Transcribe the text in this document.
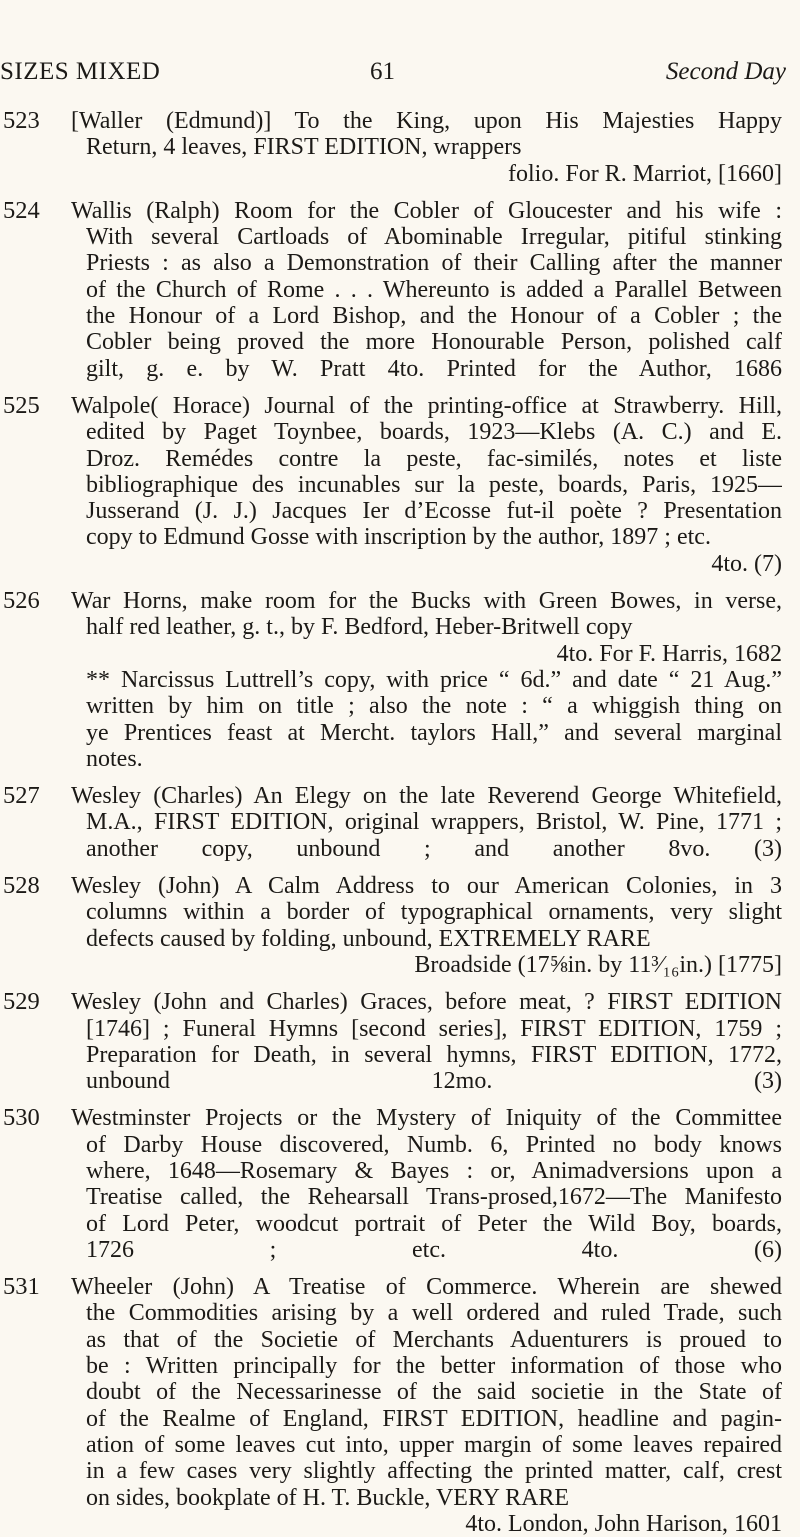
SIZES MIXED	61	Second Day
523 [Waller (Edmund)] To the King, upon His Majesties Happy
Return, 4 leaves, FIRST EDITION, wrappers
folio. For R. Marriot, [1660]
524 Wallis (Ralph) Room for the Cobler of Gloucester and his wife :
With several Cartloads of Abominable Irregular, pitiful stinking
Priests : as also a Demonstration of their Calling after the manner
of the Church of Rome . . . Whereunto is added a Parallel Between
the Honour of a Lord Bishop, and the Honour of a Cobler ; the
Cobler being proved the more Honourable Person, polished calf
gilt, g. e. by W. Pratt 4to. Printed for the Author, 1686
525 Walpole( Horace) Journal of the printing-office at Strawberry. Hill,
edited by Paget Toynbee, boards, 1923—Klebs (A. C.) and E.
Droz. Remédes contre la peste, fac-similés, notes et liste
bibliographique des incunables sur la peste, boards, Paris, 1925—
Jusserand (J. J.) Jacques Ier d’Ecosse fut-il poète ? Presentation
copy to Edmund Gosse with inscription by the author, 1897 ; etc.
4to. (7)
526 War Horns, make room for the Bucks with Green Bowes, in verse,
half red leather, g. t., by F. Bedford, Heber-Britwell copy
4to. For F. Harris, 1682
** Narcissus Luttrell’s copy, with price “ 6d.” and date “ 21 Aug.”
written by him on title ; also the note : “ a whiggish thing on
ye Prentices feast at Mercht. taylors Hall,” and several marginal
notes.
527 Wesley (Charles) An Elegy on the late Reverend George Whitefield,
M.A., FIRST EDITION, original wrappers, Bristol, W. Pine, 1771 ;
another copy, unbound ; and another 8vo. (3)
528 Wesley (John) A Calm Address to our American Colonies, in 3
columns within a border of typographical ornaments, very slight
defects caused by folding, unbound, EXTREMELY RARE
Broadside (17⅝in. by 11³⁄₁₆in.) [1775]
529 Wesley (John and Charles) Graces, before meat, ? FIRST EDITION
[1746] ; Funeral Hymns [second series], FIRST EDITION, 1759 ;
Preparation for Death, in several hymns, FIRST EDITION, 1772,
unbound 12mo. (3)
530 Westminster Projects or the Mystery of Iniquity of the Committee
of Darby House discovered, Numb. 6, Printed no body knows
where, 1648—Rosemary & Bayes : or, Animadversions upon a
Treatise called, the Rehearsall Trans-prosed,1672—The Manifesto
of Lord Peter, woodcut portrait of Peter the Wild Boy, boards,
1726 ; etc. 4to. (6)
531 Wheeler (John) A Treatise of Commerce. Wherein are shewed
the Commodities arising by a well ordered and ruled Trade, such
as that of the Societie of Merchants Aduenturers is proued to
be : Written principally for the better information of those who
doubt of the Necessarinesse of the said societie in the State of
of the Realme of England, FIRST EDITION, headline and pagin-
ation of some leaves cut into, upper margin of some leaves repaired
in a few cases very slightly affecting the printed matter, calf, crest
on sides, bookplate of H. T. Buckle, VERY RARE
4to. London, John Harison, 1601
